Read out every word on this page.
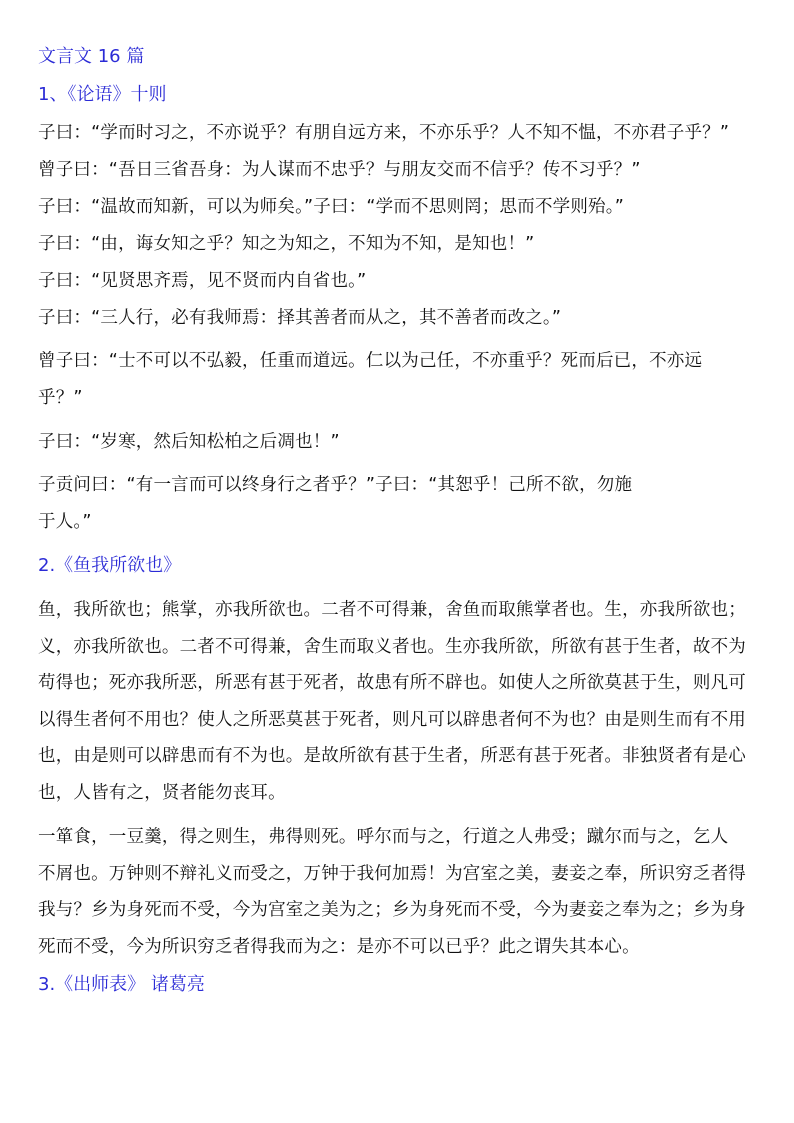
文言文 16 篇
1、《论语》十则
子曰：“学而时习之，不亦说乎？有朋自远方来，不亦乐乎？人不知不愠，不亦君子乎？”
曾子曰：“吾日三省吾身：为人谋而不忠乎？与朋友交而不信乎？传不习乎？”
子曰：“温故而知新，可以为师矣。”子曰：“学而不思则罔；思而不学则殆。”
子曰：“由，诲女知之乎？知之为知之，不知为不知，是知也！”
子曰：“见贤思齐焉，见不贤而内自省也。”
子曰：“三人行，必有我师焉：择其善者而从之，其不善者而改之。”
曾子曰：“士不可以不弘毅，任重而道远。仁以为己任，不亦重乎？死而后已，不亦远
乎？”
子曰：“岁寒，然后知松柏之后凋也！”
子贡问曰：“有一言而可以终身行之者乎？”子曰：“其恕乎！己所不欲，勿施
于人。”
2.《鱼我所欲也》
鱼，我所欲也；熊掌，亦我所欲也。二者不可得兼，舍鱼而取熊掌者也。生，亦我所欲也；
义，亦我所欲也。二者不可得兼，舍生而取义者也。生亦我所欲，所欲有甚于生者，故不为
苟得也；死亦我所恶，所恶有甚于死者，故患有所不辟也。如使人之所欲莫甚于生，则凡可
以得生者何不用也？使人之所恶莫甚于死者，则凡可以辟患者何不为也？由是则生而有不用
也，由是则可以辟患而有不为也。是故所欲有甚于生者，所恶有甚于死者。非独贤者有是心
也，人皆有之，贤者能勿丧耳。
一箪食，一豆羹，得之则生，弗得则死。呼尔而与之，行道之人弗受；蹴尔而与之，乞人
不屑也。万钟则不辩礼义而受之，万钟于我何加焉！为宫室之美，妻妾之奉，所识穷乏者得
我与？乡为身死而不受，今为宫室之美为之；乡为身死而不受，今为妻妾之奉为之；乡为身
死而不受，今为所识穷乏者得我而为之：是亦不可以已乎？此之谓失其本心。
3.《出师表》 诸葛亮
